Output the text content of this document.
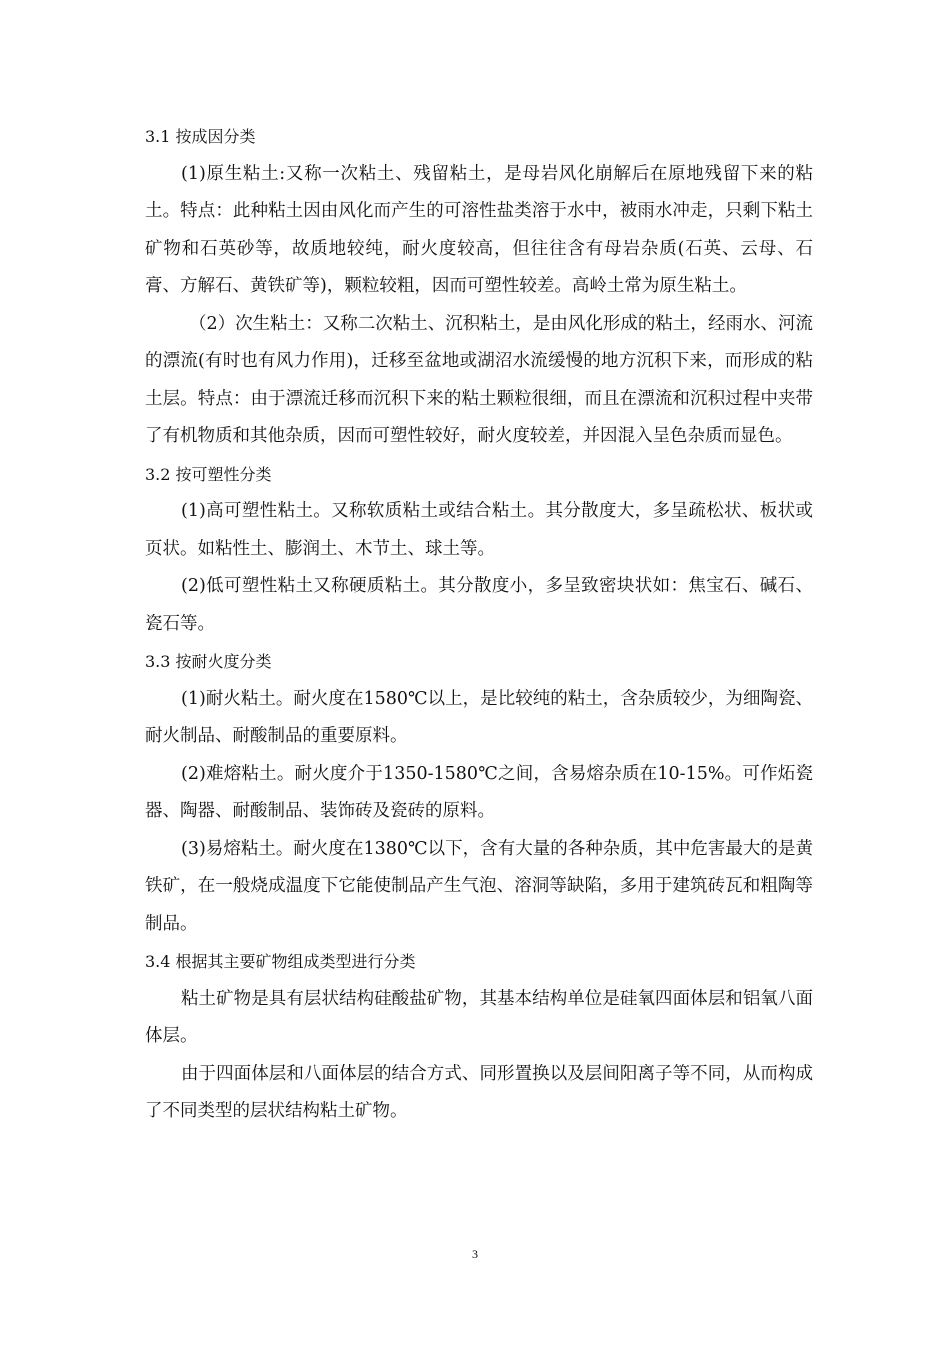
3.1 按成因分类

(1)原生粘土:又称一次粘土、残留粘土，是母岩风化崩解后在原地残留下来的粘土。特点：此种粘土因由风化而产生的可溶性盐类溶于水中，被雨水冲走，只剩下粘土矿物和石英砂等，故质地较纯，耐火度较高，但往往含有母岩杂质(石英、云母、石膏、方解石、黄铁矿等)，颗粒较粗，因而可塑性较差。高岭土常为原生粘土。

（2）次生粘土：又称二次粘土、沉积粘土，是由风化形成的粘土，经雨水、河流的漂流(有时也有风力作用)，迁移至盆地或湖沼水流缓慢的地方沉积下来，而形成的粘土层。特点：由于漂流迁移而沉积下来的粘土颗粒很细，而且在漂流和沉积过程中夹带了有机物质和其他杂质，因而可塑性较好，耐火度较差，并因混入呈色杂质而显色。

3.2 按可塑性分类

(1)高可塑性粘土。又称软质粘土或结合粘土。其分散度大，多呈疏松状、板状或页状。如粘性土、膨润土、木节土、球土等。

(2)低可塑性粘土又称硬质粘土。其分散度小，多呈致密块状如：焦宝石、碱石、瓷石等。

3.3 按耐火度分类

(1)耐火粘土。耐火度在1580℃以上，是比较纯的粘土，含杂质较少，为细陶瓷、耐火制品、耐酸制品的重要原料。

(2)难熔粘土。耐火度介于1350-1580℃之间，含易熔杂质在10-15%。可作炻瓷器、陶器、耐酸制品、装饰砖及瓷砖的原料。

(3)易熔粘土。耐火度在1380℃以下，含有大量的各种杂质，其中危害最大的是黄铁矿，在一般烧成温度下它能使制品产生气泡、溶洞等缺陷，多用于建筑砖瓦和粗陶等制品。

3.4 根据其主要矿物组成类型进行分类

粘土矿物是具有层状结构硅酸盐矿物，其基本结构单位是硅氧四面体层和铝氧八面体层。

由于四面体层和八面体层的结合方式、同形置换以及层间阳离子等不同，从而构成了不同类型的层状结构粘土矿物。

3
